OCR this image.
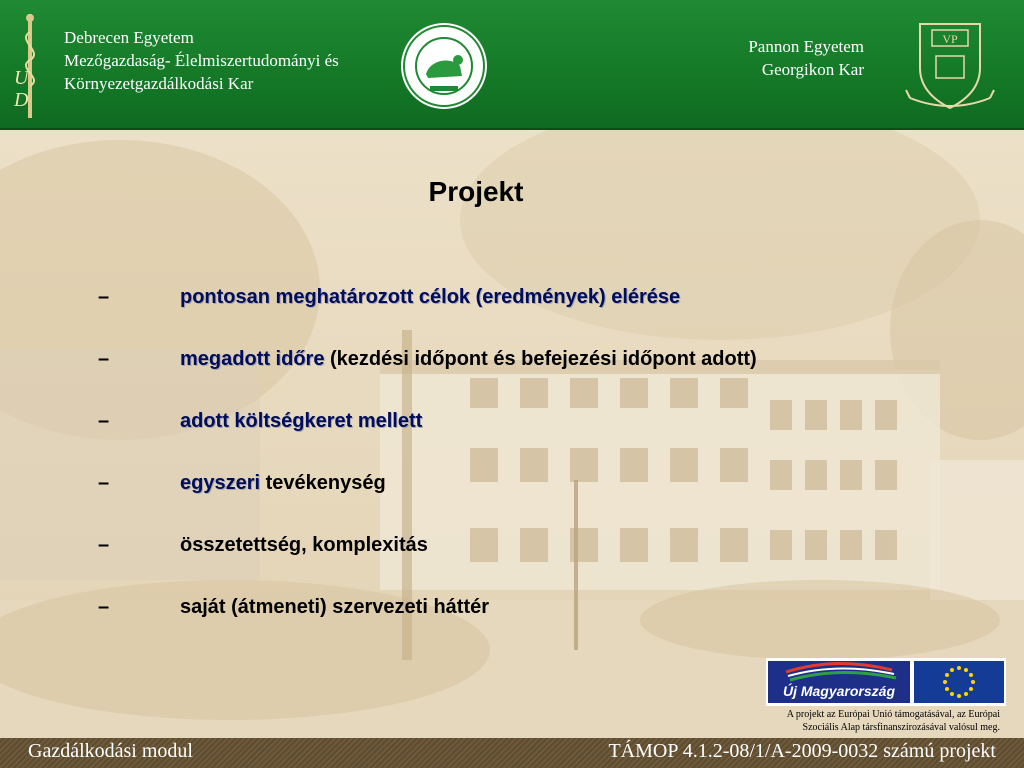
U
D
Debrecen Egyetem
Mezőgazdaság- Élelmiszertudományi és
Környezetgazdálkodási Kar
Pannon Egyetem
Georgikon Kar
VP
Projekt
–	pontosan meghatározott célok (eredmények) elérése
–	megadott időre (kezdési időpont és befejezési időpont adott)
–	adott költségkeret mellett
–	egyszeri tevékenység
–	összetettség, komplexitás
–	saját (átmeneti) szervezeti háttér
Új Magyarország
A projekt az Európai Unió támogatásával, az Európai
Szociális Alap társfinanszírozásával valósul meg.
Gazdálkodási modul	TÁMOP 4.1.2-08/1/A-2009-0032 számú projekt
